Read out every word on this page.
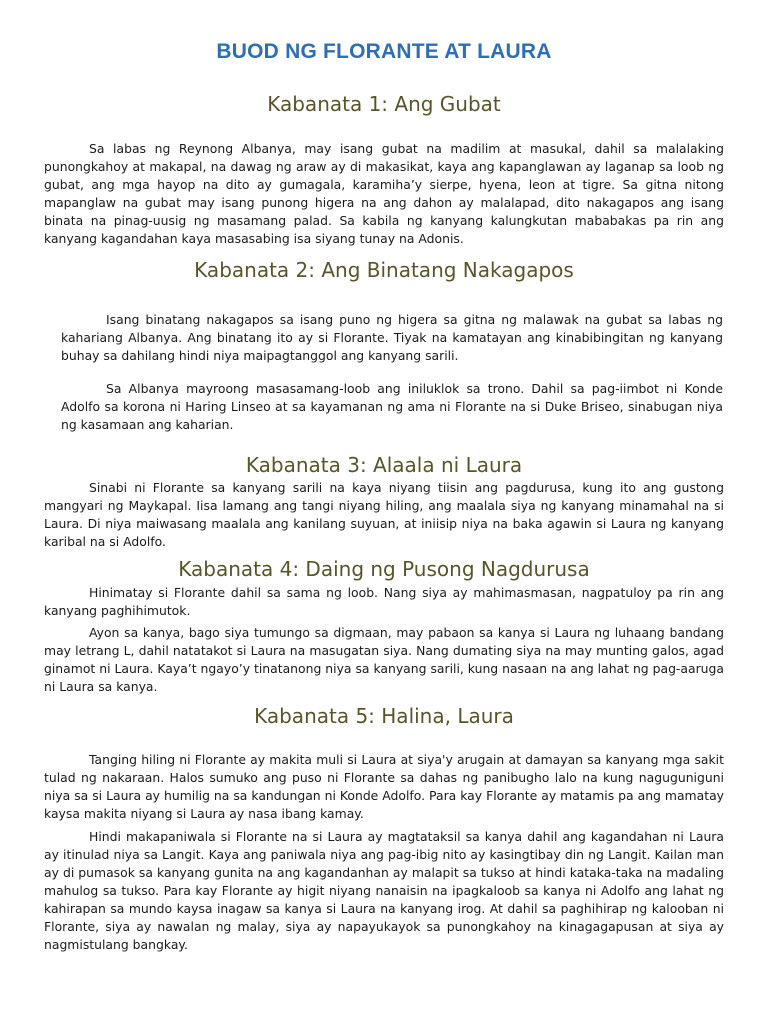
BUOD NG FLORANTE AT LAURA
Kabanata 1: Ang Gubat

Sa labas ng Reynong Albanya, may isang gubat na madilim at masukal, dahil sa malalaking punongkahoy at makapal, na dawag ng araw ay di makasikat, kaya ang kapanglawan ay laganap sa loob ng gubat, ang mga hayop na dito ay gumagala, karamiha’y sierpe, hyena, leon at tigre. Sa gitna nitong mapanglaw na gubat may isang punong higera na ang dahon ay malalapad, dito nakagapos ang isang binata na pinag-uusig ng masamang palad. Sa kabila ng kanyang kalungkutan mababakas pa rin ang kanyang kagandahan kaya masasabing isa siyang tunay na Adonis.

Kabanata 2: Ang Binatang Nakagapos

Isang binatang nakagapos sa isang puno ng higera sa gitna ng malawak na gubat sa labas ng kahariang Albanya. Ang binatang ito ay si Florante. Tiyak na kamatayan ang kinabibingitan ng kanyang buhay sa dahilang hindi niya maipagtanggol ang kanyang sarili.

Sa Albanya mayroong masasamang-loob ang iniluklok sa trono. Dahil sa pag-iimbot ni Konde Adolfo sa korona ni Haring Linseo at sa kayamanan ng ama ni Florante na si Duke Briseo, sinabugan niya ng kasamaan ang kaharian.

Kabanata 3: Alaala ni Laura

Sinabi ni Florante sa kanyang sarili na kaya niyang tiisin ang pagdurusa, kung ito ang gustong mangyari ng Maykapal. Iisa lamang ang tangi niyang hiling, ang maalala siya ng kanyang minamahal na si Laura. Di niya maiwasang maalala ang kanilang suyuan, at iniisip niya na baka agawin si Laura ng kanyang karibal na si Adolfo.

Kabanata 4: Daing ng Pusong Nagdurusa

Hinimatay si Florante dahil sa sama ng loob. Nang siya ay mahimasmasan, nagpatuloy pa rin ang kanyang paghihimutok.

Ayon sa kanya, bago siya tumungo sa digmaan, may pabaon sa kanya si Laura ng luhaang bandang may letrang L, dahil natatakot si Laura na masugatan siya. Nang dumating siya na may munting galos, agad ginamot ni Laura. Kaya’t ngayo’y tinatanong niya sa kanyang sarili, kung nasaan na ang lahat ng pag-aaruga ni Laura sa kanya.

Kabanata 5: Halina, Laura

Tanging hiling ni Florante ay makita muli si Laura at siya'y arugain at damayan sa kanyang mga sakit tulad ng nakaraan. Halos sumuko ang puso ni Florante sa dahas ng panibugho lalo na kung naguguniguni niya sa si Laura ay humilig na sa kandungan ni Konde Adolfo. Para kay Florante ay matamis pa ang mamatay kaysa makita niyang si Laura ay nasa ibang kamay.

Hindi makapaniwala si Florante na si Laura ay magtataksil sa kanya dahil ang kagandahan ni Laura ay itinulad niya sa Langit. Kaya ang paniwala niya ang pag-ibig nito ay kasingtibay din ng Langit. Kailan man ay di pumasok sa kanyang gunita na ang kagandanhan ay malapit sa tukso at hindi kataka-taka na madaling mahulog sa tukso. Para kay Florante ay higit niyang nanaisin na ipagkaloob sa kanya ni Adolfo ang lahat ng kahirapan sa mundo kaysa inagaw sa kanya si Laura na kanyang irog. At dahil sa paghihirap ng kalooban ni Florante, siya ay nawalan ng malay, siya ay napayukayok sa punongkahoy na kinagagapusan at siya ay nagmistulang bangkay.
